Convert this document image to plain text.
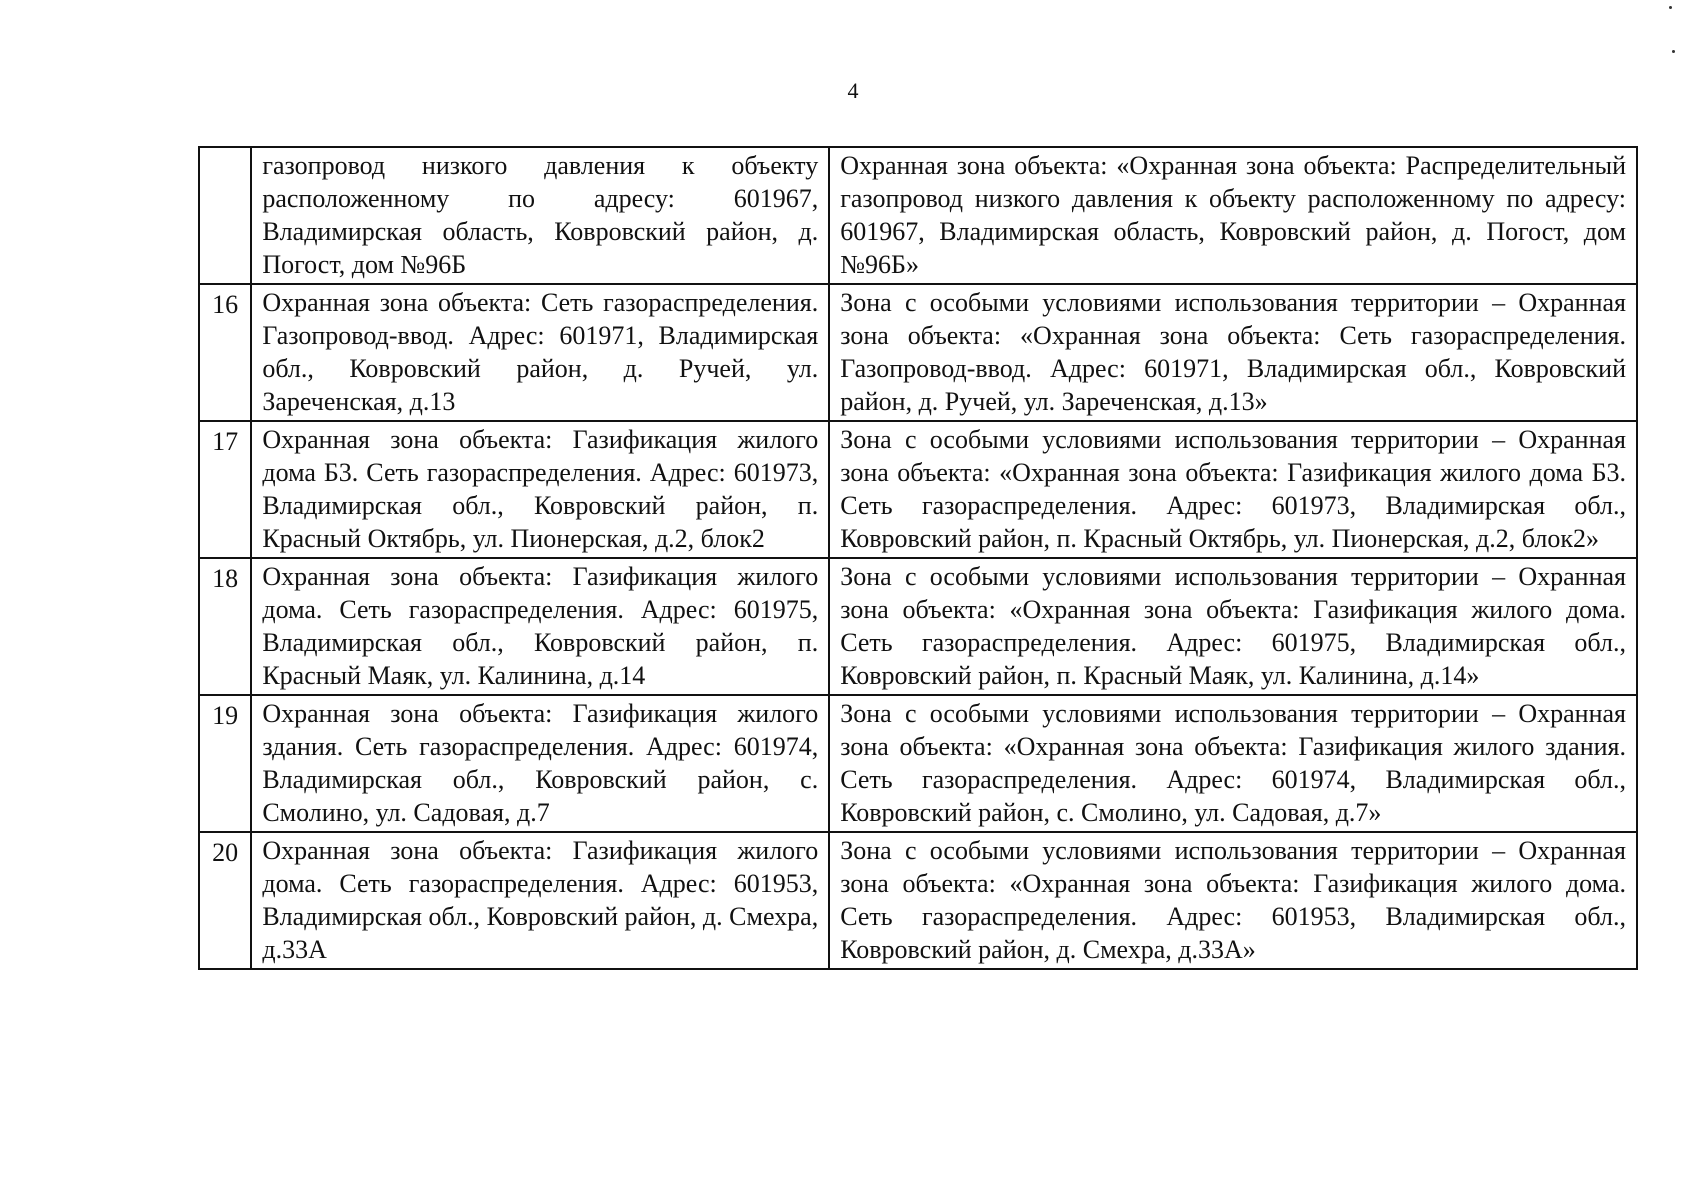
4
	газопровод низкого давления к объекту расположенному по адресу: 601967, Владимирская область, Ковровский район, д. Погост, дом №96Б	Охранная зона объекта: «Охранная зона объекта: Распределительный газопровод низкого давления к объекту расположенному по адресу: 601967, Владимирская область, Ковровский район, д. Погост, дом №96Б»
16	Охранная зона объекта: Сеть газораспределения. Газопровод-ввод. Адрес: 601971, Владимирская обл., Ковровский район, д. Ручей, ул. Зареченская, д.13	Зона с особыми условиями использования территории – Охранная зона объекта: «Охранная зона объекта: Сеть газораспределения. Газопровод-ввод. Адрес: 601971, Владимирская обл., Ковровский район, д. Ручей, ул. Зареченская, д.13»
17	Охранная зона объекта: Газификация жилого дома Б3. Сеть газораспределения. Адрес: 601973, Владимирская обл., Ковровский район, п. Красный Октябрь, ул. Пионерская, д.2, блок2	Зона с особыми условиями использования территории – Охранная зона объекта: «Охранная зона объекта: Газификация жилого дома Б3. Сеть газораспределения. Адрес: 601973, Владимирская обл., Ковровский район, п. Красный Октябрь, ул. Пионерская, д.2, блок2»
18	Охранная зона объекта: Газификация жилого дома. Сеть газораспределения. Адрес: 601975, Владимирская обл., Ковровский район, п. Красный Маяк, ул. Калинина, д.14	Зона с особыми условиями использования территории – Охранная зона объекта: «Охранная зона объекта: Газификация жилого дома. Сеть газораспределения. Адрес: 601975, Владимирская обл., Ковровский район, п. Красный Маяк, ул. Калинина, д.14»
19	Охранная зона объекта: Газификация жилого здания. Сеть газораспределения. Адрес: 601974, Владимирская обл., Ковровский район, с. Смолино, ул. Садовая, д.7	Зона с особыми условиями использования территории – Охранная зона объекта: «Охранная зона объекта: Газификация жилого здания. Сеть газораспределения. Адрес: 601974, Владимирская обл., Ковровский район, с. Смолино, ул. Садовая, д.7»
20	Охранная зона объекта: Газификация жилого дома. Сеть газораспределения. Адрес: 601953, Владимирская обл., Ковровский район, д. Смехра, д.33А	Зона с особыми условиями использования территории – Охранная зона объекта: «Охранная зона объекта: Газификация жилого дома. Сеть газораспределения. Адрес: 601953, Владимирская обл., Ковровский район, д. Смехра, д.33А»
